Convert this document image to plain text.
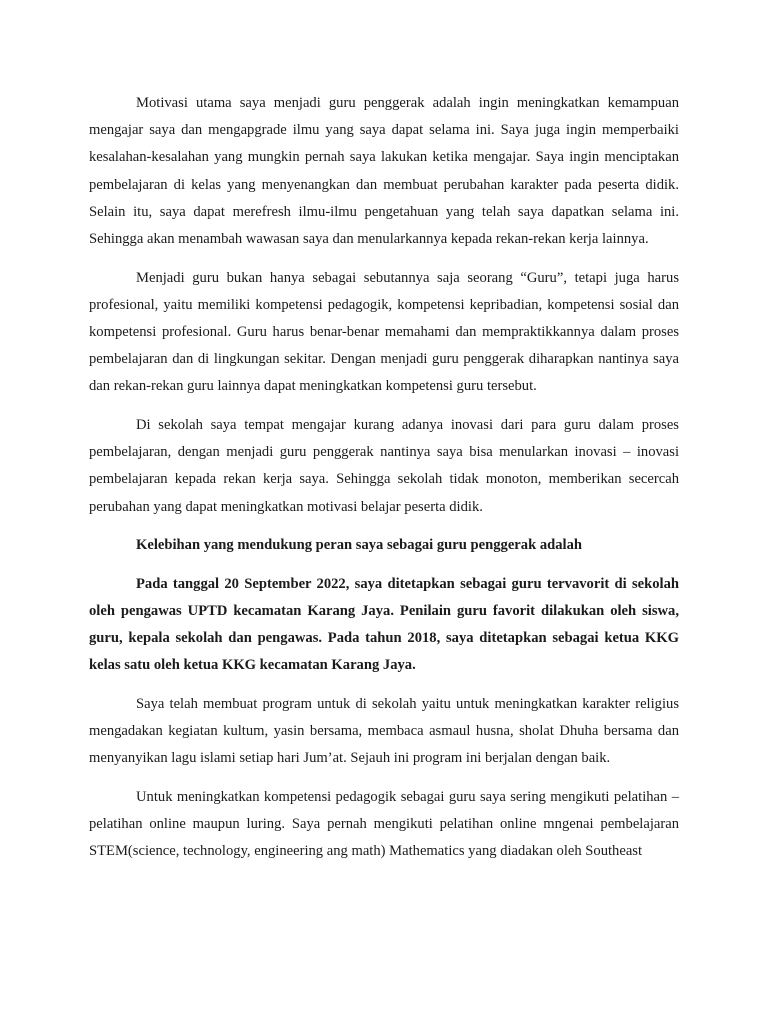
Motivasi utama saya menjadi guru penggerak adalah ingin meningkatkan kemampuan mengajar saya dan mengapgrade ilmu yang saya dapat selama ini. Saya juga ingin memperbaiki kesalahan-kesalahan yang mungkin pernah saya lakukan ketika mengajar. Saya ingin menciptakan pembelajaran di kelas yang menyenangkan dan membuat perubahan karakter pada peserta didik. Selain itu, saya dapat merefresh ilmu-ilmu pengetahuan yang telah saya dapatkan selama ini. Sehingga akan menambah wawasan saya dan menularkannya kepada rekan-rekan kerja lainnya.

Menjadi guru bukan hanya sebagai sebutannya saja seorang “Guru”, tetapi juga harus profesional, yaitu memiliki kompetensi pedagogik, kompetensi kepribadian, kompetensi sosial dan kompetensi profesional. Guru harus benar-benar memahami dan mempraktikkannya dalam proses pembelajaran dan di lingkungan sekitar. Dengan menjadi guru penggerak diharapkan nantinya saya dan rekan-rekan guru lainnya dapat meningkatkan kompetensi guru tersebut.

Di sekolah saya tempat mengajar kurang adanya inovasi dari para guru dalam proses pembelajaran, dengan menjadi guru penggerak nantinya saya bisa menularkan inovasi – inovasi pembelajaran kepada rekan kerja saya. Sehingga sekolah tidak monoton, memberikan secercah perubahan yang dapat meningkatkan motivasi belajar peserta didik.

Kelebihan yang mendukung peran saya sebagai guru penggerak adalah

Pada tanggal 20 September 2022, saya ditetapkan sebagai guru tervavorit di sekolah oleh pengawas UPTD kecamatan Karang Jaya. Penilain guru favorit dilakukan oleh siswa, guru, kepala sekolah dan pengawas. Pada tahun 2018, saya ditetapkan sebagai ketua KKG kelas satu oleh ketua KKG kecamatan Karang Jaya.

Saya telah membuat program untuk di sekolah yaitu untuk meningkatkan karakter religius mengadakan kegiatan kultum, yasin bersama, membaca asmaul husna, sholat Dhuha bersama dan menyanyikan lagu islami setiap hari Jum’at. Sejauh ini program ini berjalan dengan baik.

Untuk meningkatkan kompetensi pedagogik sebagai guru saya sering mengikuti pelatihan – pelatihan online maupun luring. Saya pernah mengikuti pelatihan online mngenai pembelajaran STEM(science, technology, engineering ang math) Mathematics yang diadakan oleh Southeast
